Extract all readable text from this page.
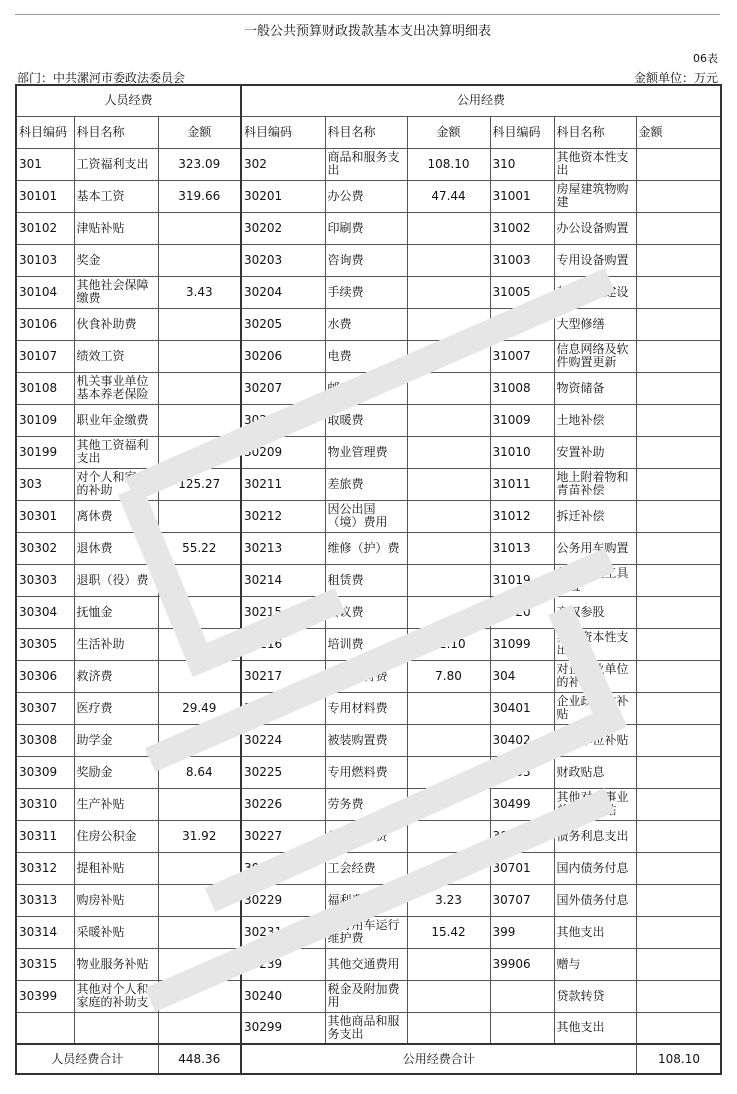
一般公共预算财政拨款基本支出决算明细表
06表
部门：中共漯河市委政法委员会	金额单位：万元
人员经费			公用经费					
科目编码	科目名称	金额	科目编码	科目名称	金额	科目编码	科目名称	金额
301	工资福利支出	323.09	302	商品和服务支出	108.10	310	其他资本性支出	
30101	基本工资	319.66	30201	办公费	47.44	31001	房屋建筑物购建	
30102	津贴补贴		30202	印刷费		31002	办公设备购置	
30103	奖金		30203	咨询费		31003	专用设备购置	
30104	其他社会保障缴费	3.43	30204	手续费		31005	基础设施建设	
30106	伙食补助费		30205	水费		31006	大型修缮	
30107	绩效工资		30206	电费	6.79	31007	信息网络及软件购置更新	
30108	机关事业单位基本养老保险		30207	邮电费		31008	物资储备	
30109	职业年金缴费		30208	取暖费		31009	土地补偿	
30199	其他工资福利支出		30209	物业管理费		31010	安置补助	
303	对个人和家庭的补助	125.27	30211	差旅费		31011	地上附着物和青苗补偿	
30301	离休费		30212	因公出国（境）费用		31012	拆迁补偿	
30302	退休费	55.22	30213	维修（护）费		31013	公务用车购置	
30303	退职（役）费		30214	租赁费		31019	其他交通工具购置	
30304	抚恤金		30215	会议费		31020	产权参股	
30305	生活补助		30216	培训费	22.10	31099	其他资本性支出	
30306	救济费		30217	公务接待费	7.80	304	对企事业单位的补贴	
30307	医疗费	29.49	30218	专用材料费		30401	企业政策性补贴	
30308	助学金		30224	被装购置费		30402	事业单位补贴	
30309	奖励金	8.64	30225	专用燃料费		30403	财政贴息	
30310	生产补贴		30226	劳务费		30499	其他对企事业单位的补贴	
30311	住房公积金	31.92	30227	委托业务费		307	债务利息支出	
30312	提租补贴		30228	工会经费	5.32	30701	国内债务付息	
30313	购房补贴		30229	福利费	3.23	30707	国外债务付息	
30314	采暖补贴		30231	公务用车运行维护费	15.42	399	其他支出	
30315	物业服务补贴		30239	其他交通费用		39906	赠与	
30399	其他对个人和家庭的补助支		30240	税金及附加费用			贷款转贷	
			30299	其他商品和服务支出			其他支出	
人员经费合计		448.36	公用经费合计					108.10
